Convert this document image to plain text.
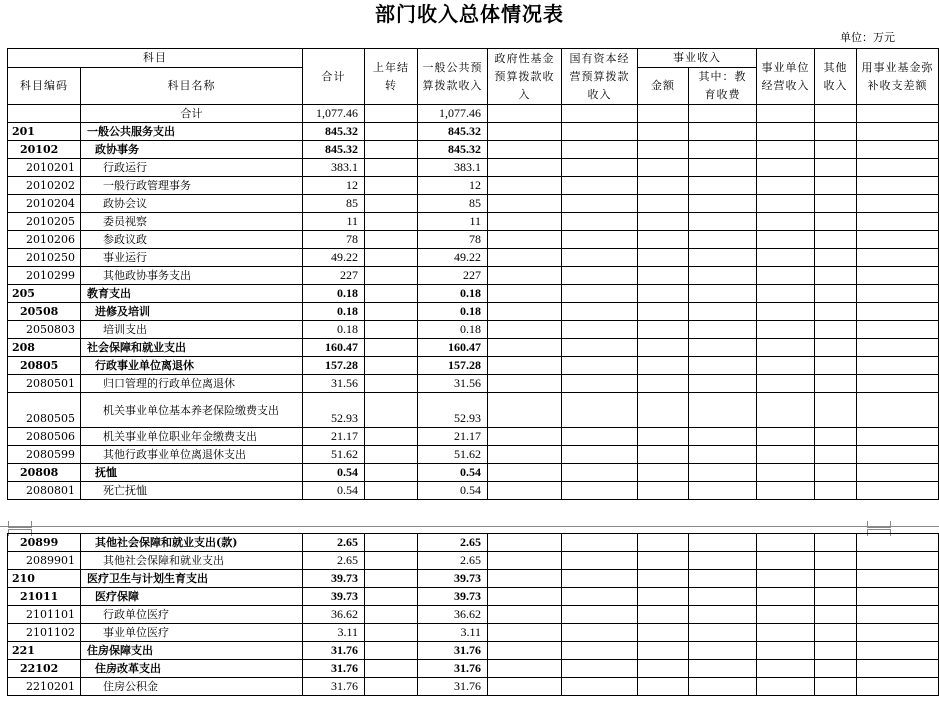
部门收入总体情况表
单位：万元
科目		合计	上年结转	一般公共预算拨款收入	政府性基金预算拨款收入	国有资本经营预算拨款收入	事业收入		事业单位经营收入	其他收入	用事业基金弥补收支差额
科目编码	科目名称						金额	其中：教育收费			

	合计	1,077.46		1,077.46							
201	一般公共服务支出	845.32		845.32							
20102	政协事务	845.32		845.32							
2010201	行政运行	383.1		383.1							
2010202	一般行政管理事务	12		12							
2010204	政协会议	85		85							
2010205	委员视察	11		11							
2010206	参政议政	78		78							
2010250	事业运行	49.22		49.22							
2010299	其他政协事务支出	227		227							
205	教育支出	0.18		0.18							
20508	进修及培训	0.18		0.18							
2050803	培训支出	0.18		0.18							
208	社会保障和就业支出	160.47		160.47							
20805	行政事业单位离退休	157.28		157.28							
2080501	归口管理的行政单位离退休	31.56		31.56							
2080505	机关事业单位基本养老保险缴费支出	52.93		52.93							
2080506	机关事业单位职业年金缴费支出	21.17		21.17							
2080599	其他行政事业单位离退休支出	51.62		51.62							
20808	抚恤	0.54		0.54							
2080801	死亡抚恤	0.54		0.54							
20899	其他社会保障和就业支出(款)	2.65		2.65							
2089901	其他社会保障和就业支出	2.65		2.65							
210	医疗卫生与计划生育支出	39.73		39.73							
21011	医疗保障	39.73		39.73							
2101101	行政单位医疗	36.62		36.62							
2101102	事业单位医疗	3.11		3.11							
221	住房保障支出	31.76		31.76							
22102	住房改革支出	31.76		31.76							
2210201	住房公积金	31.76		31.76							
